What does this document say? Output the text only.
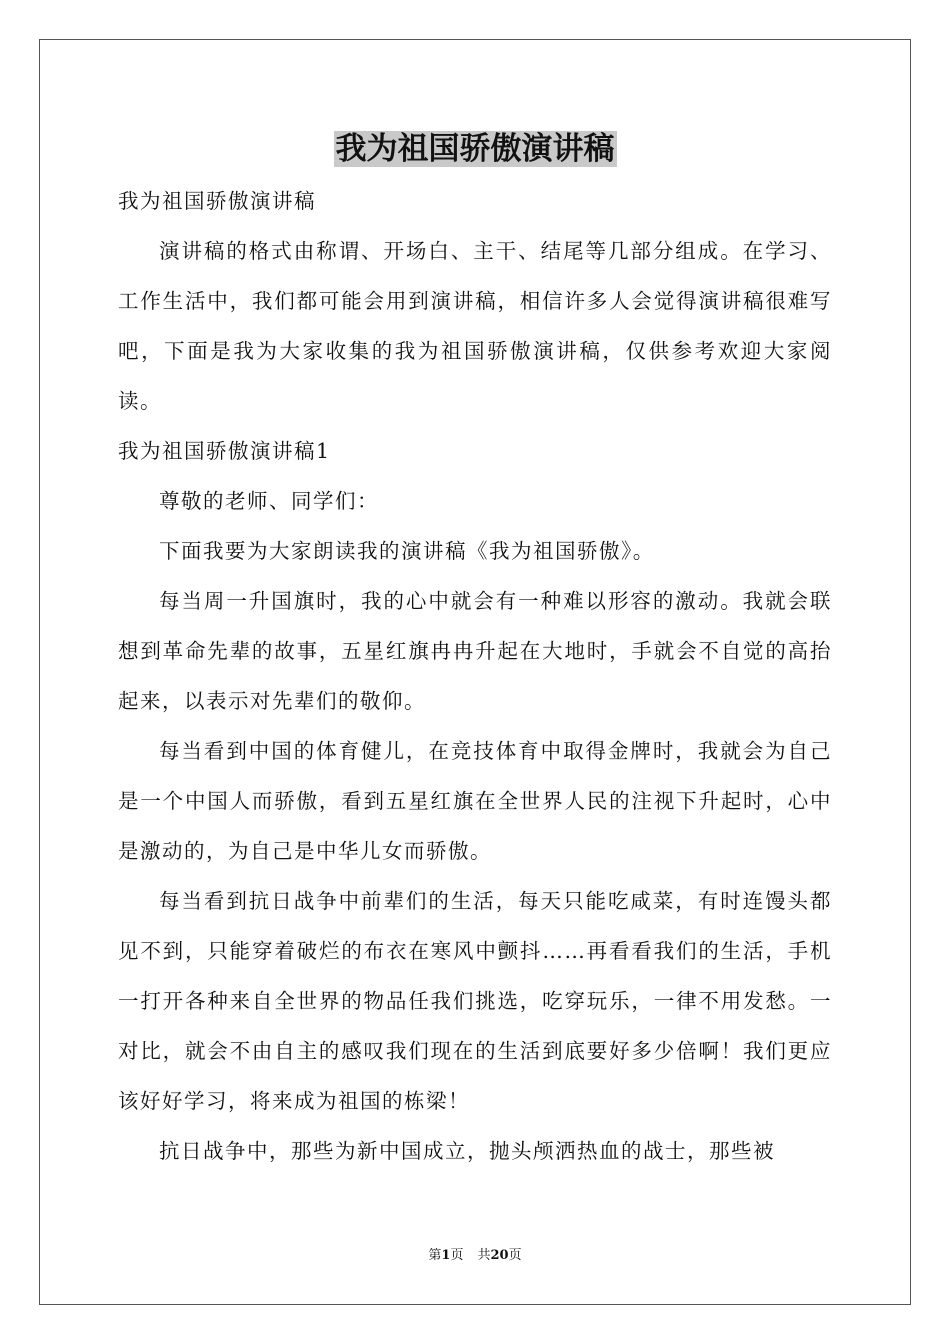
我为祖国骄傲演讲稿

我为祖国骄傲演讲稿

演讲稿的格式由称谓、开场白、主干、结尾等几部分组成。在学习、工作生活中，我们都可能会用到演讲稿，相信许多人会觉得演讲稿很难写吧，下面是我为大家收集的我为祖国骄傲演讲稿，仅供参考欢迎大家阅读。

我为祖国骄傲演讲稿1

尊敬的老师、同学们：

下面我要为大家朗读我的演讲稿《我为祖国骄傲》。

每当周一升国旗时，我的心中就会有一种难以形容的激动。我就会联想到革命先辈的故事，五星红旗冉冉升起在大地时，手就会不自觉的高抬起来，以表示对先辈们的敬仰。

每当看到中国的体育健儿，在竞技体育中取得金牌时，我就会为自己是一个中国人而骄傲，看到五星红旗在全世界人民的注视下升起时，心中是激动的，为自己是中华儿女而骄傲。

每当看到抗日战争中前辈们的生活，每天只能吃咸菜，有时连馒头都见不到，只能穿着破烂的布衣在寒风中颤抖……再看看我们的生活，手机一打开各种来自全世界的物品任我们挑选，吃穿玩乐，一律不用发愁。一对比，就会不由自主的感叹我们现在的生活到底要好多少倍啊！我们更应该好好学习，将来成为祖国的栋梁！

抗日战争中，那些为新中国成立，抛头颅洒热血的战士，那些被

第1页 共20页
